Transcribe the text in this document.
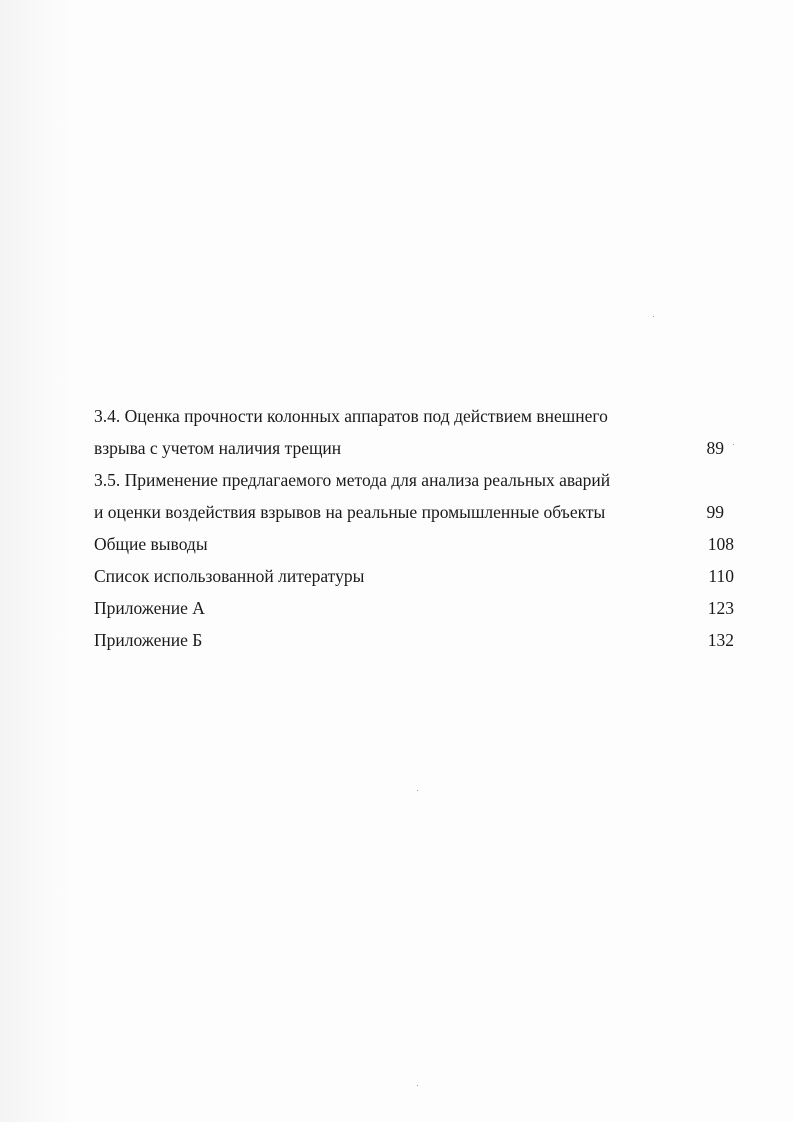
3.4. Оценка прочности колонных аппаратов под действием внешнего
взрыва с учетом наличия трещин	89
3.5. Применение предлагаемого метода для анализа реальных аварий
и оценки воздействия взрывов на реальные промышленные объекты	99
Общие выводы	108
Список использованной литературы	110
Приложение А	123
Приложение Б	132
